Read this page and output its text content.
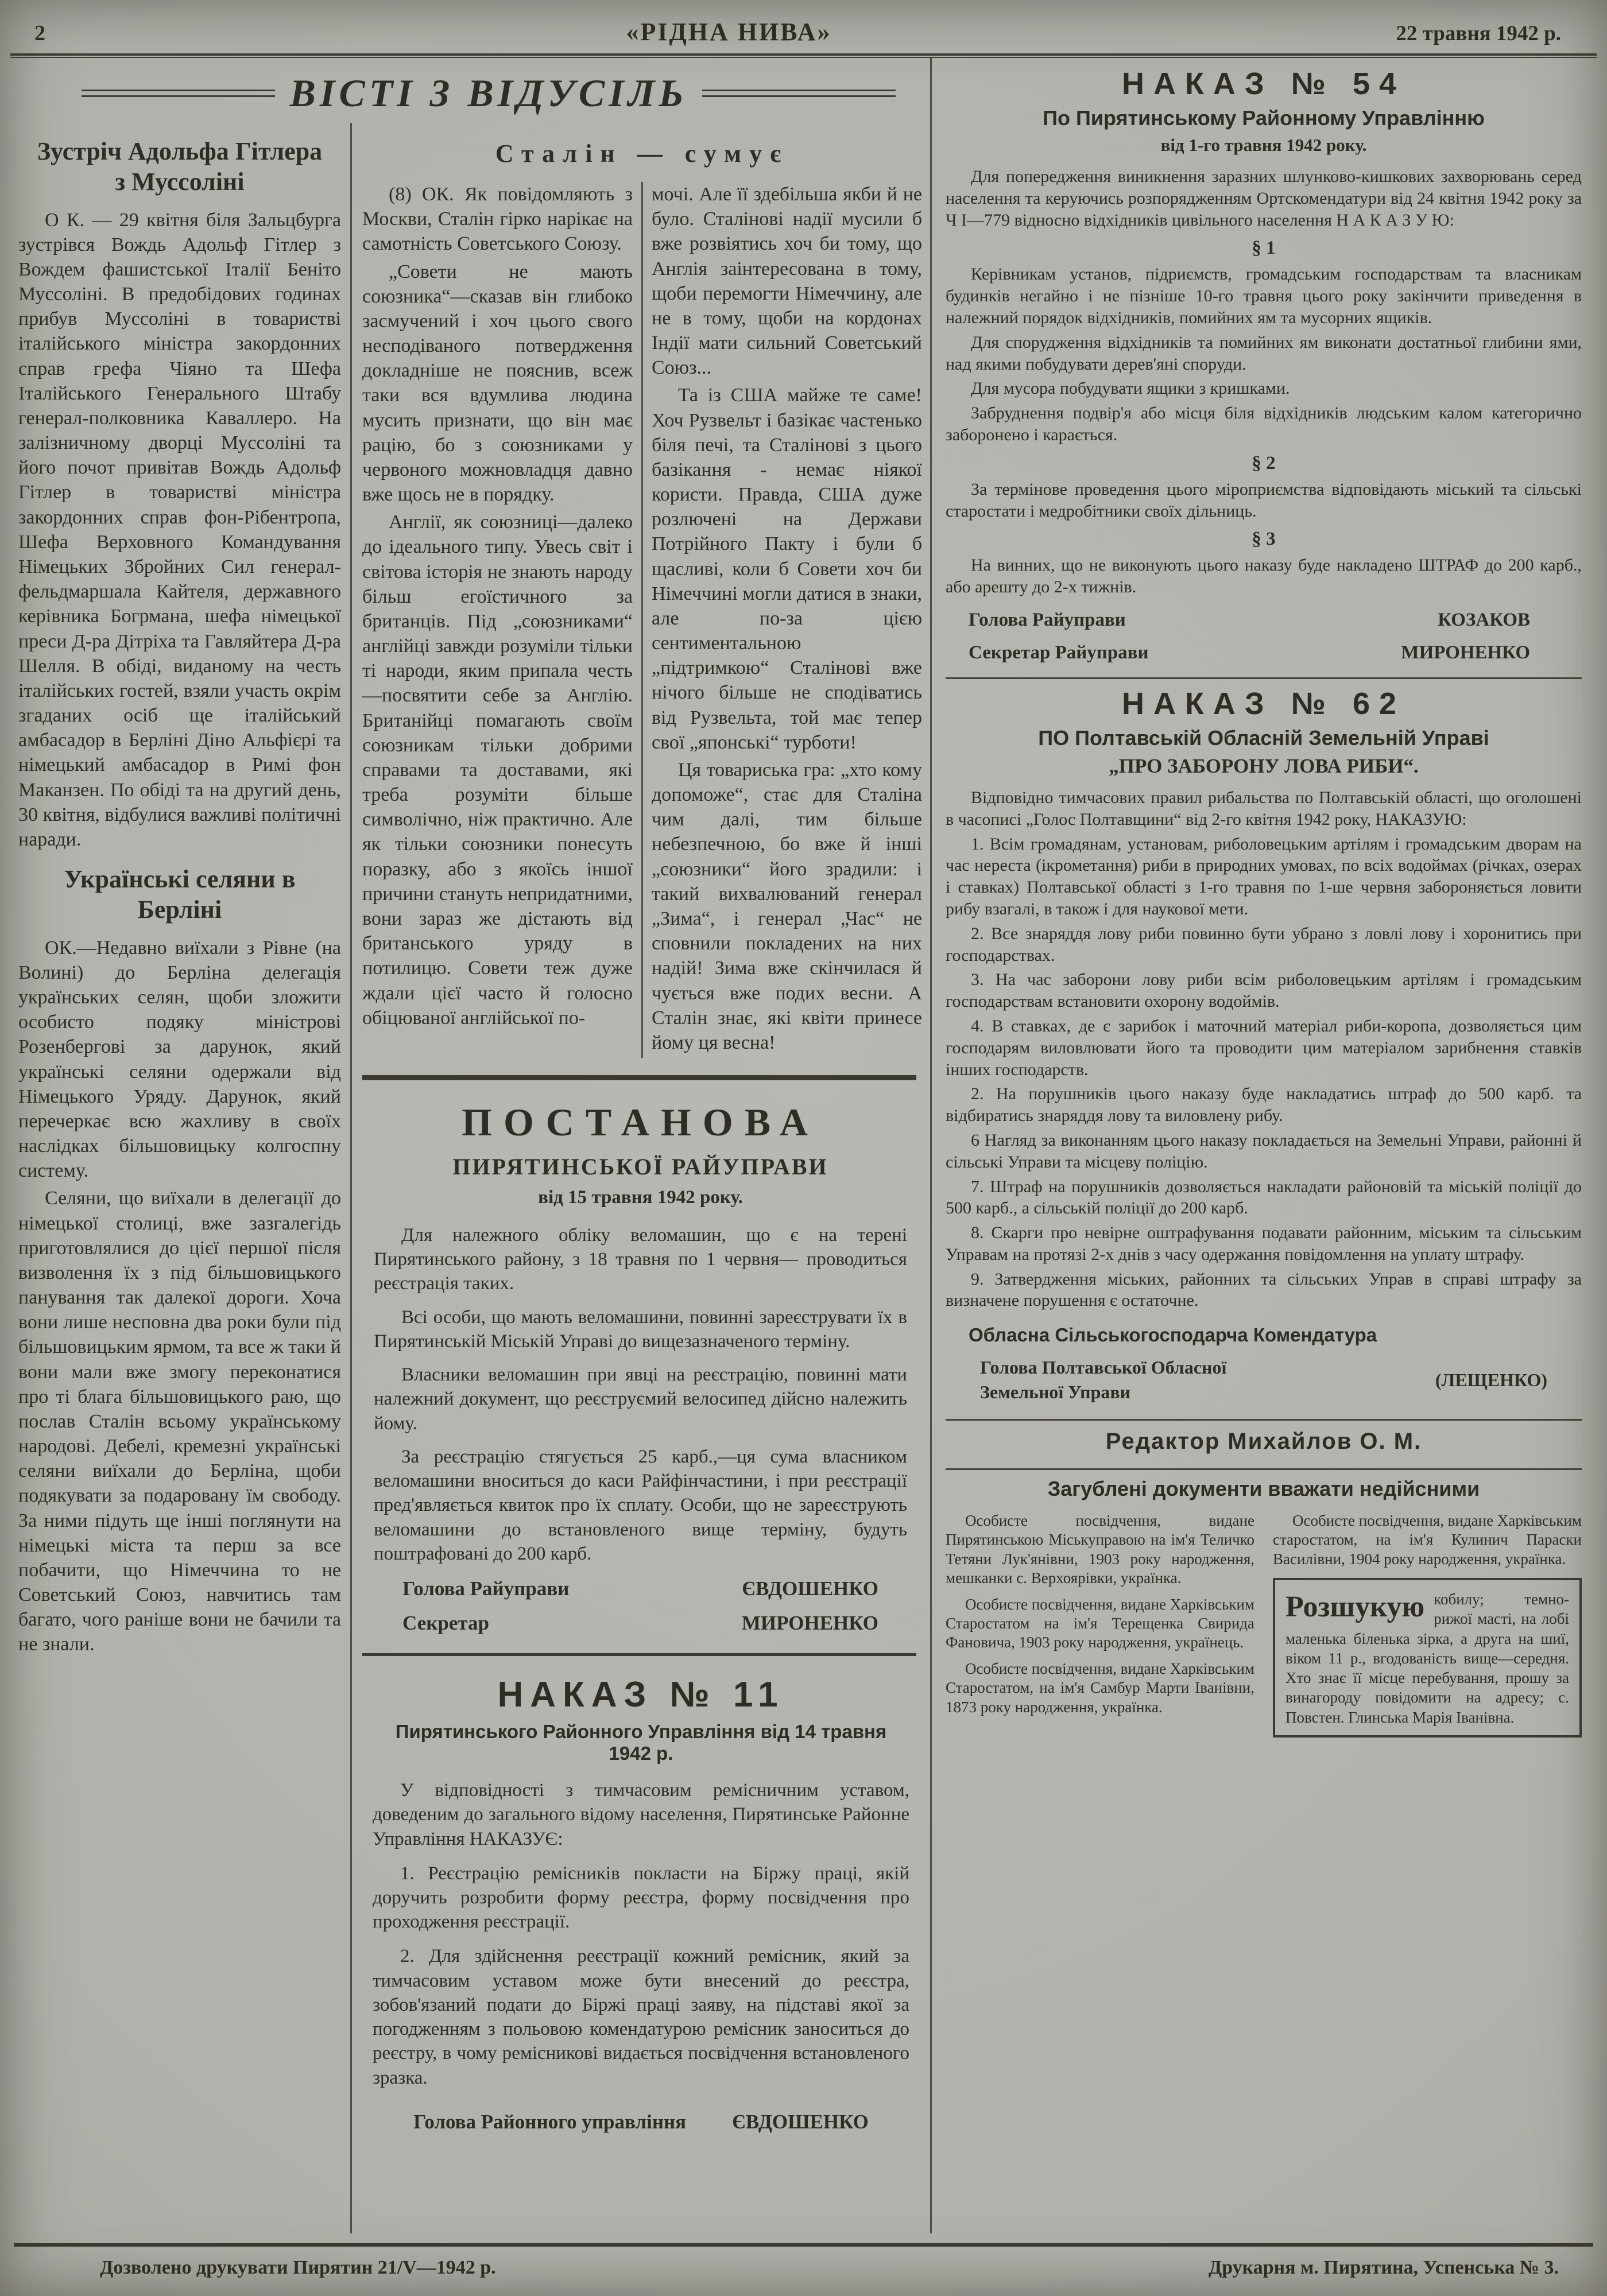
2	«РІДНА НИВА»	22 травня 1942 р.
ВІСТІ З ВІДУСІЛЬ
Зустріч Адольфа Гітлера з Муссоліні

О К. — 29 квітня біля Зальцбурга зустрівся Вождь Адольф Гітлер з Вождем фашистської Італії Беніто Муссоліні. В предобідових годинах прибув Муссоліні в товаристві італійського міністра закордонних справ грефа Чіяно та Шефа Італійського Генерального Штабу генерал-полковника Каваллеро. На залізничному дворці Муссоліні та його почот привітав Вождь Адольф Гітлер в товаристві міністра закордонних справ фон-Рібентропа, Шефа Верховного Командування Німецьких Збройних Сил генерал-фельдмаршала Кайтеля, державного керівника Богрмана, шефа німецької преси Д-ра Дітріха та Гавляйтера Д-ра Шелля. В обіді, виданому на честь італійських гостей, взяли участь окрім згаданих осіб ще італійський амбасадор в Берліні Діно Альфієрі та німецький амбасадор в Римі фон Маканзен. По обіді та на другий день, 30 квітня, відбулися важливі політичні наради.

Українські селяни в Берліні

ОК.—Недавно виїхали з Рівне (на Волині) до Берліна делегація українських селян, щоби зложити особисто подяку міністрові Розенбергові за дарунок, який українські селяни одержали від Німецького Уряду. Дарунок, який перечеркає всю жахливу в своїх наслідках більшовицьку колгоспну систему.

Селяни, що виїхали в делегації до німецької столиці, вже зазгалегідь приготовлялися до цієї першої після визволення їх з під більшовицького панування так далекої дороги. Хоча вони лише несповна два роки були під більшовицьким ярмом, та все ж таки й вони мали вже змогу переконатися про ті блага більшовицького раю, що послав Сталін всьому українському народові. Дебелі, кремезні українські селяни виїхали до Берліна, щоби подякувати за подаровану їм свободу. За ними підуть ще інші поглянути на німецькі міста та перш за все побачити, що Німеччина то не Советський Союз, навчитись там багато, чого раніше вони не бачили та не знали.

Сталін — сумує

(8) ОК. Як повідомляють з Москви, Сталін гірко нарікає на самотність Советського Союзу.

„Совети не мають союзника“—сказав він глибоко засмучений і хоч цього свого несподіваного потвердження докладніше не пояснив, всеж таки вся вдумлива людина мусить признати, що він має рацію, бо з союзниками у червоного можновладця давно вже щось не в порядку.

Англії, як союзниці—далеко до ідеального типу. Увесь світ і світова історія не знають народу більш егоїстичного за британців. Під „союзниками“ англійці завжди розуміли тільки ті народи, яким припала честь—посвятити себе за Англію. Британійці помагають своїм союзникам тільки добрими справами та доставами, які треба розуміти більше символічно, ніж практично. Але як тільки союзники понесуть поразку, або з якоїсь іншої причини стануть непридатними, вони зараз же дістають від британського уряду в потилицю. Совети теж дуже ждали цієї часто й голосно обіцюваної англійської по-

мочі. Але її здебільша якби й не було. Сталінові надії мусили б вже розвіятись хоч би тому, що Англія заінтересована в тому, щоби перемогти Німеччину, але не в тому, щоби на кордонах Індії мати сильний Советський Союз...

Та із США майже те саме! Хоч Рузвельт і базікає частенько біля печі, та Сталінові з цього базікання - немає ніякої користи. Правда, США дуже розлючені на Держави Потрійного Пакту і були б щасливі, коли б Совети хоч би Німеччині могли датися в знаки, але по-за цією сентиментальною „підтримкою“ Сталінові вже нічого більше не сподіватись від Рузвельта, той має тепер свої „японські“ турботи!

Ця товариська гра: „хто кому допоможе“, стає для Сталіна чим далі, тим більше небезпечною, бо вже й інші „союзники“ його зрадили: і такий вихвалюваний генерал „Зима“, і генерал „Час“ не сповнили покладених на них надій! Зима вже скінчилася й чується вже подих весни. А Сталін знає, які квіти принесе йому ця весна!

ПОСТАНОВА
ПИРЯТИНСЬКОЇ РАЙУПРАВИ
від 15 травня 1942 року.

Для належного обліку веломашин, що є на терені Пирятинського району, з 18 травня по 1 червня— проводиться реєстрація таких.

Всі особи, що мають веломашини, повинні зареєструвати їх в Пирятинській Міській Управі до вищезазначеного терміну.

Власники веломашин при явці на реєстрацію, повинні мати належний документ, що реєструємий велосипед дійсно належить йому.

За реєстрацію стягується 25 карб.,—ця сума власником веломашини вноситься до каси Райфінчастини, і при реєстрації пред'являється квиток про їх сплату. Особи, що не зареєструють веломашини до встановленого вище терміну, будуть поштрафовані до 200 карб.

Голова Райуправи	ЄВДОШЕНКО
Секретар	МИРОНЕНКО
НАКАЗ № 11
Пирятинського Районного Управління від 14 травня 1942 р.

У відповідності з тимчасовим ремісничним уставом, доведеним до загального відому населення, Пирятинське Районне Управління НАКАЗУЄ:

1. Реєстрацію ремісників покласти на Біржу праці, якій доручить розробити форму реєстра, форму посвідчення про проходження реєстрації.

2. Для здійснення реєстрації кожний ремісник, який за тимчасовим уставом може бути внесений до реєстра, зобов'язаний подати до Біржі праці заяву, на підставі якої за погодженням з польовою комендатурою ремісник заноситься до реєстру, в чому ремісникові видається посвідчення встановленого зразка.

Голова Районного управління ЄВДОШЕНКО
НАКАЗ № 54
По Пирятинському Районному Управлінню
від 1-го травня 1942 року.

Для попередження виникнення заразних шлунково-кишкових захворювань серед населення та керуючись розпорядженням Ортскомендатури від 24 квітня 1942 року за Ч І—779 відносно відхідників цивільного населення Н А К А З У Ю:

§ 1

Керівникам установ, підриємств, громадським господарствам та власникам будинків негайно і не пізніше 10-го травня цього року закінчити приведення в належний порядок відхідників, помийних ям та мусорних ящиків.

Для спорудження відхідників та помийних ям виконати достатньої глибини ями, над якими побудувати дерев'яні споруди.

Для мусора побудувати ящики з кришками.

Забруднення подвір'я або місця біля відхідників людським калом категорично заборонено і карається.

§ 2

За термінове проведення цього міроприємства відповідають міський та сільські старостати і медробітники своїх дільниць.

§ 3

На винних, що не виконують цього наказу буде накладено ШТРАФ до 200 карб., або арешту до 2-х тижнів.

Голова Райуправи	КОЗАКОВ
Секретар Райуправи	МИРОНЕНКО
НАКАЗ № 62
ПО Полтавській Обласній Земельній Управі
„ПРО ЗАБОРОНУ ЛОВА РИБИ“.

Відповідно тимчасових правил рибальства по Полтавській області, що оголошені в часописі „Голос Полтавщини“ від 2-го квітня 1942 року, НАКАЗУЮ:

1. Всім громадянам, установам, риболовецьким артілям і громадським дворам на час нереста (ікрометання) риби в природних умовах, по всіх водоймах (річках, озерах і ставках) Полтавської області з 1-го травня по 1-ше червня забороняється ловити рибу взагалі, в також і для наукової мети.

2. Все знаряддя лову риби повинно бути убрано з ловлі лову і хоронитись при господарствах.

3. На час заборони лову риби всім риболовецьким артілям і громадським господарствам встановити охорону водоймів.

4. В ставках, де є зарибок і маточний матеріал риби-коропа, дозволяється цим господарям виловлювати його та проводити цим матеріалом зарибнення ставків інших господарств.

2. На порушників цього наказу буде накладатись штраф до 500 карб. та відбиратись знаряддя лову та виловлену рибу.

6 Нагляд за виконанням цього наказу покладається на Земельні Управи, районні й сільські Управи та місцеву поліцію.

7. Штраф на порушників дозволяється накладати районовій та міській поліції до 500 карб., а сільській поліції до 200 карб.

8. Скарги про невірне оштрафування подавати районним, міським та сільським Управам на протязі 2-х днів з часу одержання повідомлення на уплату штрафу.

9. Затвердження міських, районних та сільських Управ в справі штрафу за визначене порушення є остаточне.

Обласна Сільськогосподарча Комендатура
Голова Полтавської Обласної
Земельної Управи
(ЛЕЩЕНКО)
Редактор Михайлов О. М.
Загублені документи вважати недійсними

Особисте посвідчення, видане Пирятинською Міськуправою на ім'я Теличко Тетяни Лук'янівни, 1903 року народження, мешканки с. Верхоярівки, українка.

Особисте посвідчення, видане Харківським Старостатом на ім'я Терещенка Свирида Фановича, 1903 року народження, українець.

Особисте посвідчення, видане Харківським Старостатом, на ім'я Самбур Марти Іванівни, 1873 року народження, українка.

Особисте посвідчення, видане Харківським старостатом, на ім'я Кулинич Параски Василівни, 1904 року народження, українка.

Розшукую кобилу; темно-рижої масті, на лобі маленька біленька зірка, а друга на шиї, віком 11 р., вгодованість вище—середня. Хто знає її місце перебування, прошу за винагороду повідомити на адресу; с. Повстен. Глинська Марія Іванівна.

Дозволено друкувати Пирятин 21/V—1942 р.	Друкарня м. Пирятина, Успенська № 3.
